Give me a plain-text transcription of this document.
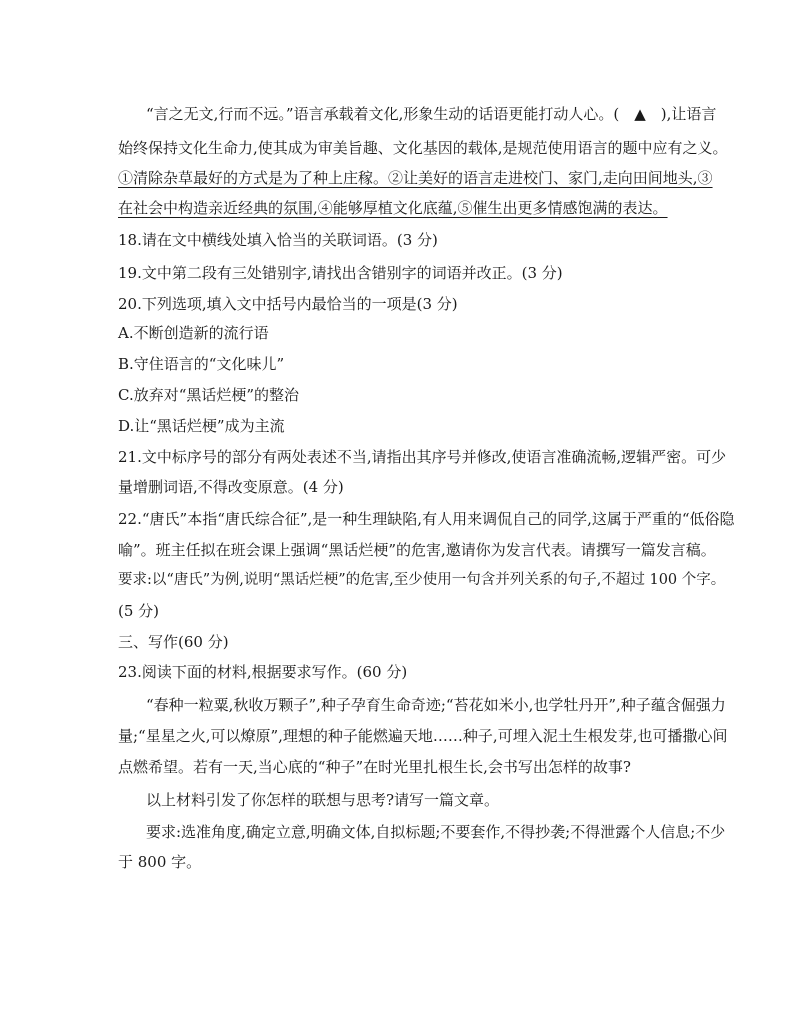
“言之无文,行而不远。”语言承载着文化,形象生动的话语更能打动人心。(　▲　),让语言
始终保持文化生命力,使其成为审美旨趣、文化基因的载体,是规范使用语言的题中应有之义。
①清除杂草最好的方式是为了种上庄稼。②让美好的语言走进校门、家门,走向田间地头,③
在社会中构造亲近经典的氛围,④能够厚植文化底蕴,⑤催生出更多情感饱满的表达。
18.请在文中横线处填入恰当的关联词语。(3 分)
19.文中第二段有三处错别字,请找出含错别字的词语并改正。(3 分)
20.下列选项,填入文中括号内最恰当的一项是(3 分)
A.不断创造新的流行语
B.守住语言的“文化味儿”
C.放弃对“黑话烂梗”的整治
D.让“黑话烂梗”成为主流
21.文中标序号的部分有两处表述不当,请指出其序号并修改,使语言准确流畅,逻辑严密。可少
量增删词语,不得改变原意。(4 分)
22.“唐氏”本指“唐氏综合征”,是一种生理缺陷,有人用来调侃自己的同学,这属于严重的“低俗隐
喻”。班主任拟在班会课上强调“黑话烂梗”的危害,邀请你为发言代表。请撰写一篇发言稿。
要求:以“唐氏”为例,说明“黑话烂梗”的危害,至少使用一句含并列关系的句子,不超过 100 个字。
(5 分)
三、写作(60 分)
23.阅读下面的材料,根据要求写作。(60 分)
“春种一粒粟,秋收万颗子”,种子孕育生命奇迹;“苔花如米小,也学牡丹开”,种子蕴含倔强力
量;“星星之火,可以燎原”,理想的种子能燃遍天地……种子,可埋入泥土生根发芽,也可播撒心间
点燃希望。若有一天,当心底的“种子”在时光里扎根生长,会书写出怎样的故事?
以上材料引发了你怎样的联想与思考?请写一篇文章。
要求:选准角度,确定立意,明确文体,自拟标题;不要套作,不得抄袭;不得泄露个人信息;不少
于 800 字。
